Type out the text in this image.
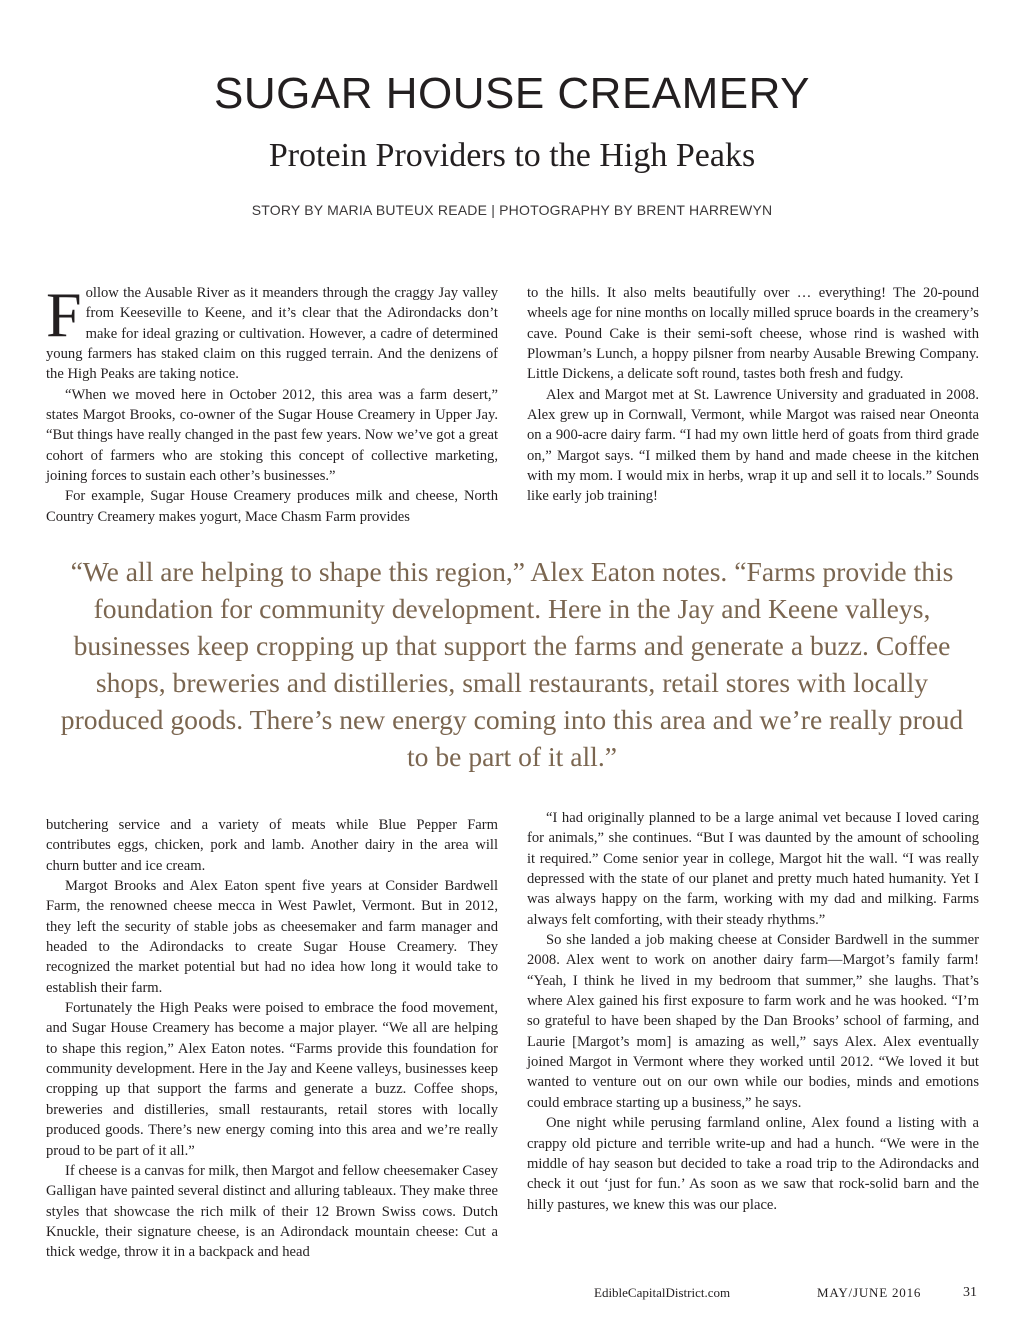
SUGAR HOUSE CREAMERY
Protein Providers to the High Peaks
STORY BY MARIA BUTEUX READE | PHOTOGRAPHY BY BRENT HARREWYN

Follow the Ausable River as it meanders through the craggy Jay valley from Keeseville to Keene, and it’s clear that the Adirondacks don’t make for ideal grazing or cultivation. However, a cadre of determined young farmers has staked claim on this rugged terrain. And the denizens of the High Peaks are taking notice.

“When we moved here in October 2012, this area was a farm desert,” states Margot Brooks, co-owner of the Sugar House Creamery in Upper Jay. “But things have really changed in the past few years. Now we’ve got a great cohort of farmers who are stoking this concept of collective marketing, joining forces to sustain each other’s businesses.”

For example, Sugar House Creamery produces milk and cheese, North Country Creamery makes yogurt, Mace Chasm Farm provides

to the hills. It also melts beautifully over … everything! The 20-pound wheels age for nine months on locally milled spruce boards in the creamery’s cave. Pound Cake is their semi-soft cheese, whose rind is washed with Plowman’s Lunch, a hoppy pilsner from nearby Ausable Brewing Company. Little Dickens, a delicate soft round, tastes both fresh and fudgy.

Alex and Margot met at St. Lawrence University and graduated in 2008. Alex grew up in Cornwall, Vermont, while Margot was raised near Oneonta on a 900-acre dairy farm. “I had my own little herd of goats from third grade on,” Margot says. “I milked them by hand and made cheese in the kitchen with my mom. I would mix in herbs, wrap it up and sell it to locals.” Sounds like early job training!

“We all are helping to shape this region,” Alex Eaton notes. “Farms provide this foundation for community development. Here in the Jay and Keene valleys, businesses keep cropping up that support the farms and generate a buzz. Coffee shops, breweries and distilleries, small restaurants, retail stores with locally produced goods. There’s new energy coming into this area and we’re really proud to be part of it all.”

butchering service and a variety of meats while Blue Pepper Farm contributes eggs, chicken, pork and lamb. Another dairy in the area will churn butter and ice cream.

Margot Brooks and Alex Eaton spent five years at Consider Bardwell Farm, the renowned cheese mecca in West Pawlet, Vermont. But in 2012, they left the security of stable jobs as cheesemaker and farm manager and headed to the Adirondacks to create Sugar House Creamery. They recognized the market potential but had no idea how long it would take to establish their farm.

Fortunately the High Peaks were poised to embrace the food movement, and Sugar House Creamery has become a major player. “We all are helping to shape this region,” Alex Eaton notes. “Farms provide this foundation for community development. Here in the Jay and Keene valleys, businesses keep cropping up that support the farms and generate a buzz. Coffee shops, breweries and distilleries, small restaurants, retail stores with locally produced goods. There’s new energy coming into this area and we’re really proud to be part of it all.”

If cheese is a canvas for milk, then Margot and fellow cheesemaker Casey Galligan have painted several distinct and alluring tableaux. They make three styles that showcase the rich milk of their 12 Brown Swiss cows. Dutch Knuckle, their signature cheese, is an Adirondack mountain cheese: Cut a thick wedge, throw it in a backpack and head

“I had originally planned to be a large animal vet because I loved caring for animals,” she continues. “But I was daunted by the amount of schooling it required.” Come senior year in college, Margot hit the wall. “I was really depressed with the state of our planet and pretty much hated humanity. Yet I was always happy on the farm, working with my dad and milking. Farms always felt comforting, with their steady rhythms.”

So she landed a job making cheese at Consider Bardwell in the summer 2008. Alex went to work on another dairy farm—Margot’s family farm! “Yeah, I think he lived in my bedroom that summer,” she laughs. That’s where Alex gained his first exposure to farm work and he was hooked. “I’m so grateful to have been shaped by the Dan Brooks’ school of farming, and Laurie [Margot’s mom] is amazing as well,” says Alex. Alex eventually joined Margot in Vermont where they worked until 2012. “We loved it but wanted to venture out on our own while our bodies, minds and emotions could embrace starting up a business,” he says.

One night while perusing farmland online, Alex found a listing with a crappy old picture and terrible write-up and had a hunch. “We were in the middle of hay season but decided to take a road trip to the Adirondacks and check it out ‘just for fun.’ As soon as we saw that rock-solid barn and the hilly pastures, we knew this was our place.

EdibleCapitalDistrict.com	MAY/JUNE 2016	31
